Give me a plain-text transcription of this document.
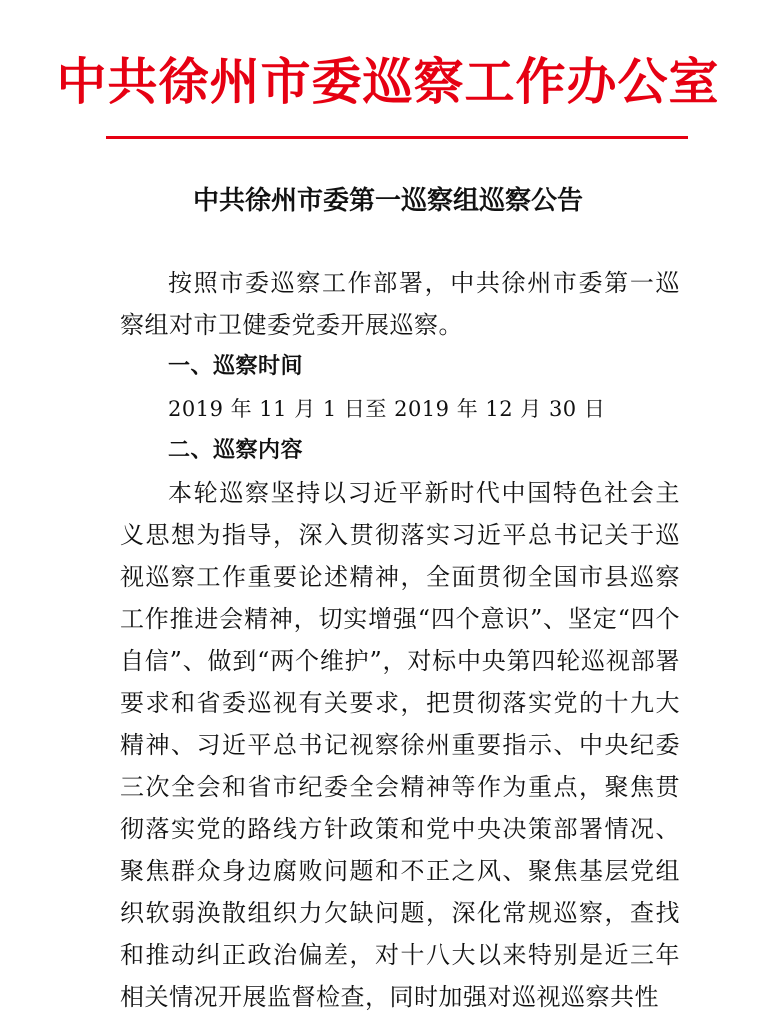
中共徐州市委巡察工作办公室
中共徐州市委第一巡察组巡察公告

按照市委巡察工作部署，中共徐州市委第一巡察组对市卫健委党委开展巡察。

一、巡察时间

2019 年 11 月 1 日至 2019 年 12 月 30 日

二、巡察内容

本轮巡察坚持以习近平新时代中国特色社会主义思想为指导，深入贯彻落实习近平总书记关于巡视巡察工作重要论述精神，全面贯彻全国市县巡察工作推进会精神，切实增强“四个意识”、坚定“四个自信”、做到“两个维护”，对标中央第四轮巡视部署要求和省委巡视有关要求，把贯彻落实党的十九大精神、习近平总书记视察徐州重要指示、中央纪委三次全会和省市纪委全会精神等作为重点，聚焦贯彻落实党的路线方针政策和党中央决策部署情况、聚焦群众身边腐败问题和不正之风、聚焦基层党组织软弱涣散组织力欠缺问题，深化常规巡察，查找和推动纠正政治偏差，对十八大以来特别是近三年相关情况开展监督检查，同时加强对巡视巡察共性
